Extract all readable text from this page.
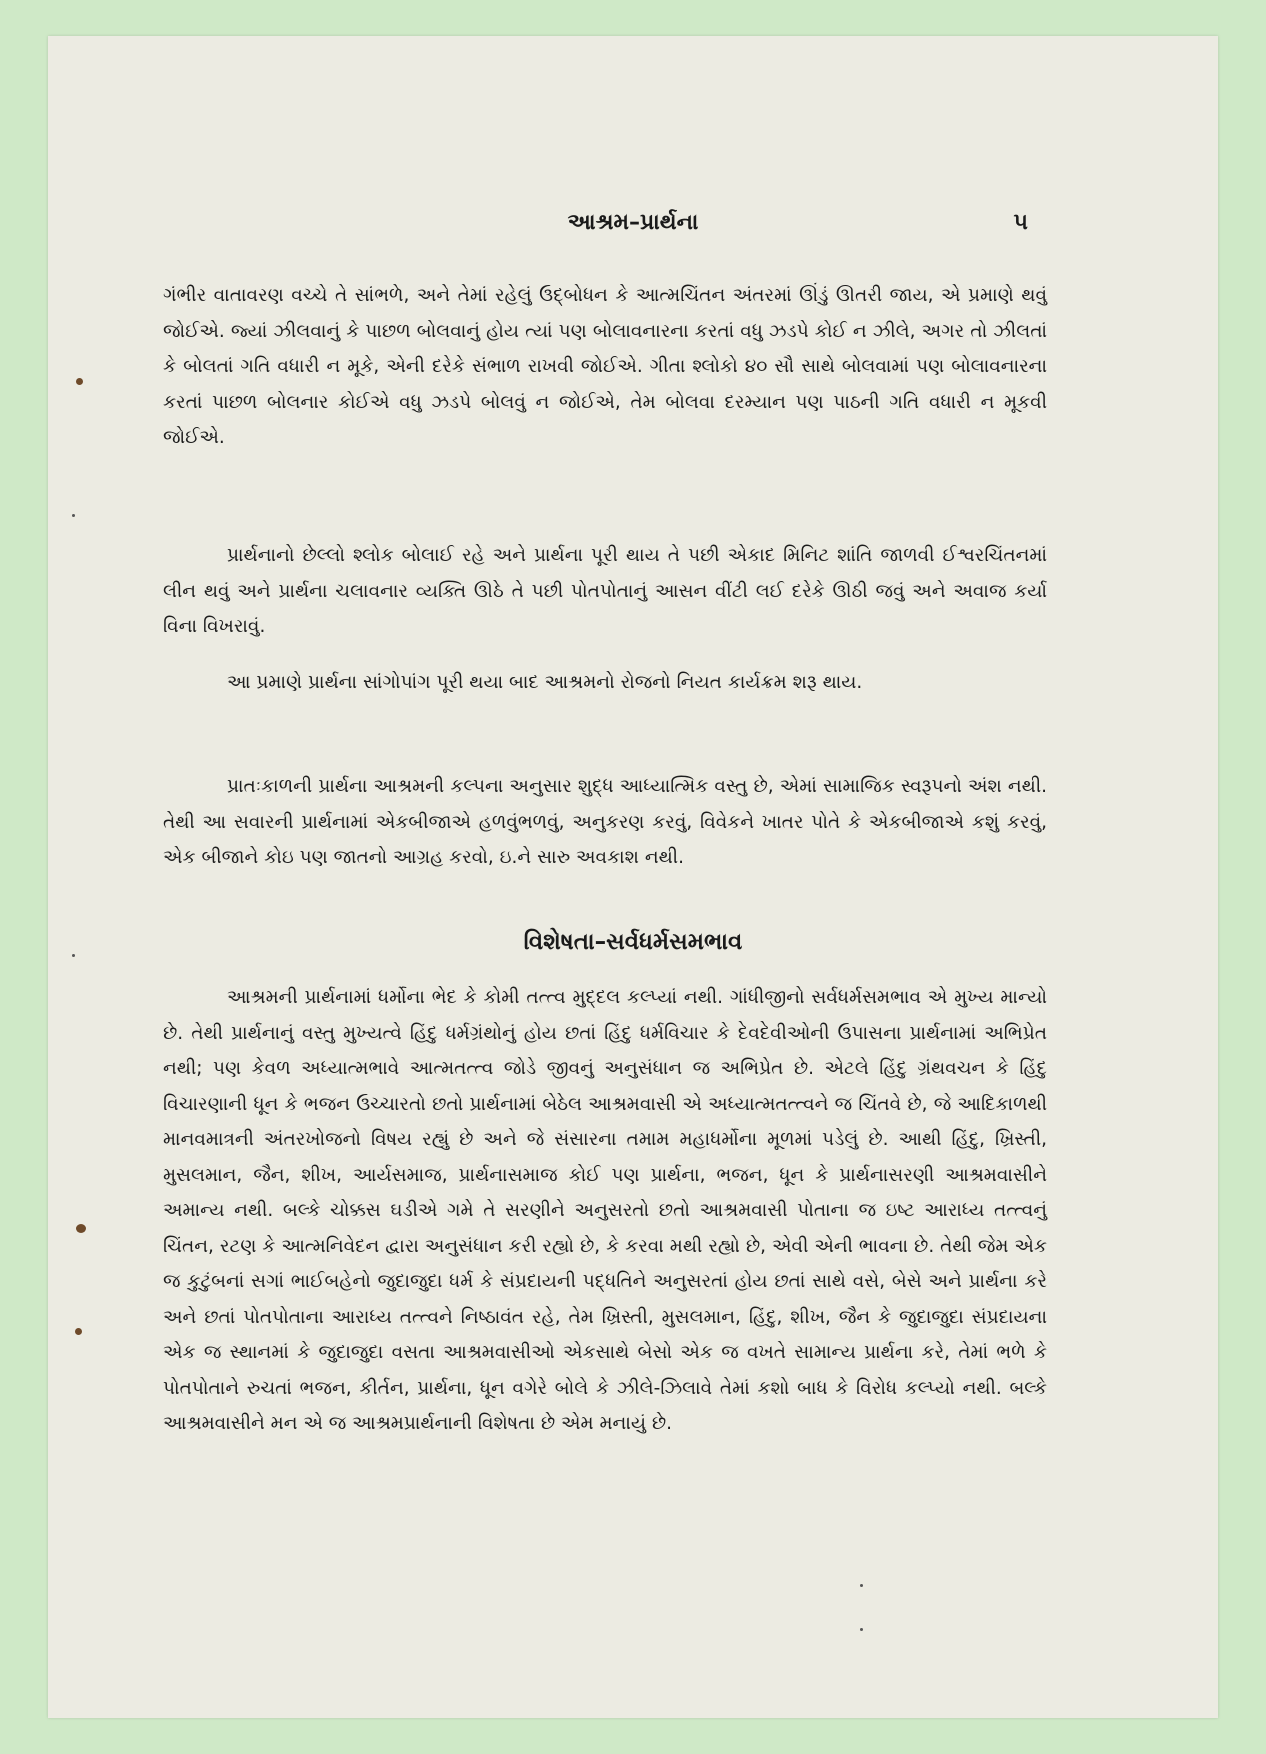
આશ્રમ–પ્રાર્થના	૫

ગંભીર વાતાવરણ વચ્ચે તે સાંભળે, અને તેમાં રહેલું ઉદ્‌બોધન કે આત્મચિંતન અંતરમાં ઊંડું ઊતરી જાય, એ પ્રમાણે થવું જોઈએ. જ્યાં ઝીલવાનું કે પાછળ બોલવાનું હોય ત્યાં પણ બોલાવનારના કરતાં વધુ ઝડપે કોઈ ન ઝીલે, અગર તો ઝીલતાં કે બોલતાં ગતિ વધારી ન મૂકે, એની દરેકે સંભાળ રાખવી જોઈએ. ગીતા શ્લોકો ૪૦ સૌ સાથે બોલવામાં પણ બોલાવનારના કરતાં પાછળ બોલનાર કોઈએ વધુ ઝડપે બોલવું ન જોઈએ, તેમ બોલવા દરમ્યાન પણ પાઠની ગતિ વધારી ન મૂકવી જોઈએ.

પ્રાર્થનાનો છેલ્લો શ્લોક બોલાઈ રહે અને પ્રાર્થના પૂરી થાય તે પછી એકાદ મિનિટ શાંતિ જાળવી ઈશ્વરચિંતનમાં લીન થવું અને પ્રાર્થના ચલાવનાર વ્યક્તિ ઊઠે તે પછી પોતપોતાનું આસન વીંટી લઈ દરેકે ઊઠી જવું અને અવાજ કર્યા વિના વિખરાવું.

આ પ્રમાણે પ્રાર્થના સાંગોપાંગ પૂરી થયા બાદ આશ્રમનો રોજનો નિયત કાર્યક્રમ શરૂ થાય.

પ્રાતઃકાળની પ્રાર્થના આશ્રમની કલ્પના અનુસાર શુદ્ધ આધ્યાત્મિક વસ્તુ છે, એમાં સામાજિક સ્વરૂપનો અંશ નથી. તેથી આ સવારની પ્રાર્થનામાં એકબીજાએ હળવુંભળવું, અનુકરણ કરવું, વિવેકને ખાતર પોતે કે એકબીજાએ કશું કરવું, એક બીજાને કોઇ પણ જાતનો આગ્રહ કરવો, ઇ.ને સારુ અવકાશ નથી.

વિશેષતા–સર્વધર્મસમભાવ

આશ્રમની પ્રાર્થનામાં ધર્મોના ભેદ કે કોમી તત્ત્વ મુદ્દલ કલ્પ્યાં નથી. ગાંધીજીનો સર્વધર્મસમભાવ એ મુખ્ય માન્યો છે. તેથી પ્રાર્થનાનું વસ્તુ મુખ્યત્વે હિંદુ ધર્મગ્રંથોનું હોય છતાં હિંદુ ધર્મવિચાર કે દેવદેવીઓની ઉપાસના પ્રાર્થનામાં અભિપ્રેત નથી; પણ કેવળ અધ્યાત્મભાવે આત્મતત્ત્વ જોડે જીવનું અનુસંધાન જ અભિપ્રેત છે. એટલે હિંદુ ગ્રંથવચન કે હિંદુ વિચારણાની ધૂન કે ભજન ઉચ્ચારતો છતો પ્રાર્થનામાં બેઠેલ આશ્રમવાસી એ અધ્યાત્મતત્ત્વને જ ચિંતવે છે, જે આદિકાળથી માનવમાત્રની અંતરખોજનો વિષય રહ્યું છે અને જે સંસારના તમામ મહાધર્મોના મૂળમાં પડેલું છે. આથી હિંદુ, ખ્રિસ્તી, મુસલમાન, જૈન, શીખ, આર્યસમાજ, પ્રાર્થનાસમાજ કોઈ પણ પ્રાર્થના, ભજન, ધૂન કે પ્રાર્થનાસરણી આશ્રમવાસીને અમાન્ય નથી. બલ્કે ચોક્કસ ઘડીએ ગમે તે સરણીને અનુસરતો છતો આશ્રમવાસી પોતાના જ ઇષ્ટ આરાધ્ય તત્ત્વનું ચિંતન, રટણ કે આત્મનિવેદન દ્વારા અનુસંધાન કરી રહ્યો છે, કે કરવા મથી રહ્યો છે, એવી એની ભાવના છે. તેથી જેમ એક જ કુટુંબનાં સગાં ભાઈબહેનો જુદાજુદા ધર્મ કે સંપ્રદાયની પદ્ધતિને અનુસરતાં હોય છતાં સાથે વસે, બેસે અને પ્રાર્થના કરે અને છતાં પોતપોતાના આરાધ્ય તત્ત્વને નિષ્ઠાવંત રહે, તેમ ખ્રિસ્તી, મુસલમાન, હિંદુ, શીખ, જૈન કે જુદાજુદા સંપ્રદાયના એક જ સ્થાનમાં કે જુદાજુદા વસતા આશ્રમવાસીઓ એકસાથે બેસો એક જ વખતે સામાન્ય પ્રાર્થના કરે, તેમાં ભળે કે પોતપોતાને રુચતાં ભજન, કીર્તન, પ્રાર્થના, ધૂન વગેરે બોલે કે ઝીલે-ઝિલાવે તેમાં કશો બાધ કે વિરોધ કલ્પ્યો નથી. બલ્કે આશ્રમવાસીને મન એ જ આશ્રમપ્રાર્થનાની વિશેષતા છે એમ મનાયું છે.
